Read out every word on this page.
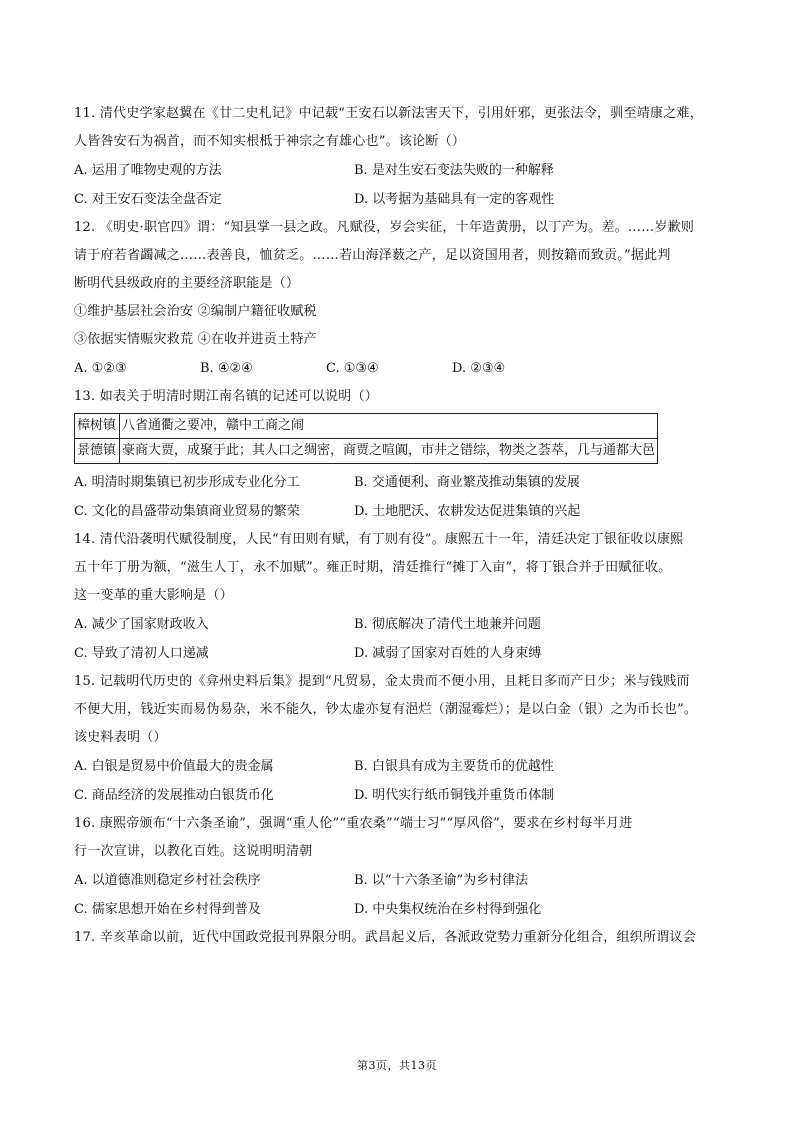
11. 清代史学家赵翼在《廿二史札记》中记载“王安石以新法害天下，引用奸邪，更张法令，驯至靖康之难，
人皆咎安石为祸首，而不知实根柢于神宗之有雄心也”。该论断（）
A. 运用了唯物史观的方法	B. 是对生安石变法失败的一种解释
C. 对王安石变法全盘否定	D. 以考据为基础具有一定的客观性
12. 《明史·职官四》谓：“知县掌一县之政。凡赋役，岁会实征，十年造黄册，以丁产为。差。……岁歉则
请于府若省蠲减之……表善良，恤贫乏。……若山海泽薮之产，足以资国用者，则按籍而致贡。”据此判
断明代县级政府的主要经济职能是（）
①维护基层社会治安 ②编制户籍征收赋税
③依据实情赈灾救荒 ④在收并进贡土特产
A. ①②③	B. ④②④	C. ①③④	D. ②③④
13. 如表关于明清时期江南名镇的记述可以说明（）
樟树镇	八省通衢之要冲，赣中工商之闹
景德镇	豪商大贾，成聚于此；其人口之绸密，商贾之喧阗，市井之错综，物类之荟萃，几与通都大邑
A. 明清时期集镇已初步形成专业化分工	B. 交通便利、商业繁茂推动集镇的发展
C. 文化的昌盛带动集镇商业贸易的繁荣	D. 土地肥沃、农耕发达促进集镇的兴起
14. 清代沿袭明代赋役制度，人民“有田则有赋，有丁则有役”。康熙五十一年，清廷决定丁银征收以康熙
五十年丁册为额，“滋生人丁，永不加赋”。雍正时期，清廷推行“摊丁入亩”，将丁银合并于田赋征收。
这一变革的重大影响是（）
A. 减少了国家财政收入	B. 彻底解决了清代土地兼并问题
C. 导致了清初人口递减	D. 减弱了国家对百姓的人身束缚
15. 记载明代历史的《弇州史料后集》提到“凡贸易，金太贵而不便小用，且耗日多而产日少；米与钱贱而
不便大用，钱近实而易伪易杂，米不能久，钞太虚亦复有浥烂（潮湿霉烂）；是以白金（银）之为币长也”。
该史料表明（）
A. 白银是贸易中价值最大的贵金属	B. 白银具有成为主要货币的优越性
C. 商品经济的发展推动白银货币化	D. 明代实行纸币铜钱并重货币体制
16. 康熙帝颁布“十六条圣谕”，强调“重人伦”“重农桑”“端士习”“厚风俗”，要求在乡村每半月进
行一次宣讲，以教化百姓。这说明明清朝
A. 以道德准则稳定乡村社会秩序	B. 以“十六条圣谕”为乡村律法
C. 儒家思想开始在乡村得到普及	D. 中央集权统治在乡村得到强化
17. 辛亥革命以前，近代中国政党报刊界限分明。武昌起义后，各派政党势力重新分化组合，组织所谓议会
第3页，共13页
